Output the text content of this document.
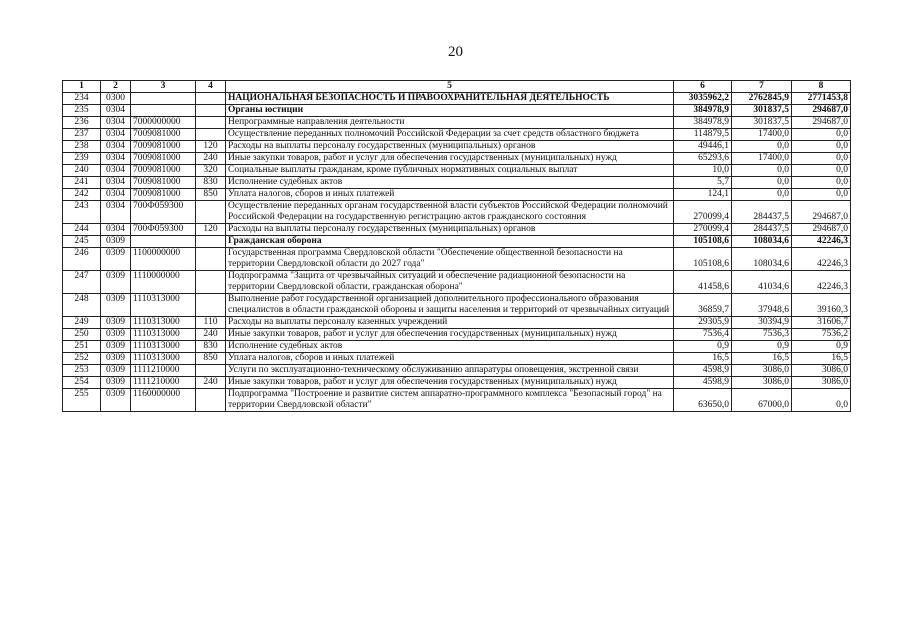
20
1	2	3	4	5	6	7	8
234	0300			НАЦИОНАЛЬНАЯ БЕЗОПАСНОСТЬ И ПРАВООХРАНИТЕЛЬНАЯ ДЕЯТЕЛЬНОСТЬ	3035962,2	2762845,9	2771453,8
235	0304			Органы юстиции	384978,9	301837,5	294687,0
236	0304	7000000000		Непрограммные направления деятельности	384978,9	301837,5	294687,0
237	0304	7009081000		Осуществление переданных полномочий Российской Федерации за счет средств областного бюджета	114879,5	17400,0	0,0
238	0304	7009081000	120	Расходы на выплаты персоналу государственных (муниципальных) органов	49446,1	0,0	0,0
239	0304	7009081000	240	Иные закупки товаров, работ и услуг для обеспечения государственных (муниципальных) нужд	65293,6	17400,0	0,0
240	0304	7009081000	320	Социальные выплаты гражданам, кроме публичных нормативных социальных выплат	10,0	0,0	0,0
241	0304	7009081000	830	Исполнение судебных актов	5,7	0,0	0,0
242	0304	7009081000	850	Уплата налогов, сборов и иных платежей	124,1	0,0	0,0
243	0304	700Ф059300		Осуществление переданных органам государственной власти субъектов Российской Федерации полномочий Российской Федерации на государственную регистрацию актов гражданского состояния	270099,4	284437,5	294687,0
244	0304	700Ф059300	120	Расходы на выплаты персоналу государственных (муниципальных) органов	270099,4	284437,5	294687,0
245	0309			Гражданская оборона	105108,6	108034,6	42246,3
246	0309	1100000000		Государственная программа Свердловской области "Обеспечение общественной безопасности на территории Свердловской области до 2027 года"	105108,6	108034,6	42246,3
247	0309	1110000000		Подпрограмма "Защита от чрезвычайных ситуаций и обеспечение радиационной безопасности на территории Свердловской области, гражданская оборона"	41458,6	41034,6	42246,3
248	0309	1110313000		Выполнение работ государственной организацией дополнительного профессионального образования специалистов в области гражданской обороны и защиты населения и территорий от чрезвычайных ситуаций	36859,7	37948,6	39160,3
249	0309	1110313000	110	Расходы на выплаты персоналу казенных учреждений	29305,9	30394,9	31606,7
250	0309	1110313000	240	Иные закупки товаров, работ и услуг для обеспечения государственных (муниципальных) нужд	7536,4	7536,3	7536,2
251	0309	1110313000	830	Исполнение судебных актов	0,9	0,9	0,9
252	0309	1110313000	850	Уплата налогов, сборов и иных платежей	16,5	16,5	16,5
253	0309	1111210000		Услуги по эксплуатационно-техническому обслуживанию аппаратуры оповещения, экстренной связи	4598,9	3086,0	3086,0
254	0309	1111210000	240	Иные закупки товаров, работ и услуг для обеспечения государственных (муниципальных) нужд	4598,9	3086,0	3086,0
255	0309	1160000000		Подпрограмма "Построение и развитие систем аппаратно-программного комплекса "Безопасный город" на территории Свердловской области"	63650,0	67000,0	0,0
